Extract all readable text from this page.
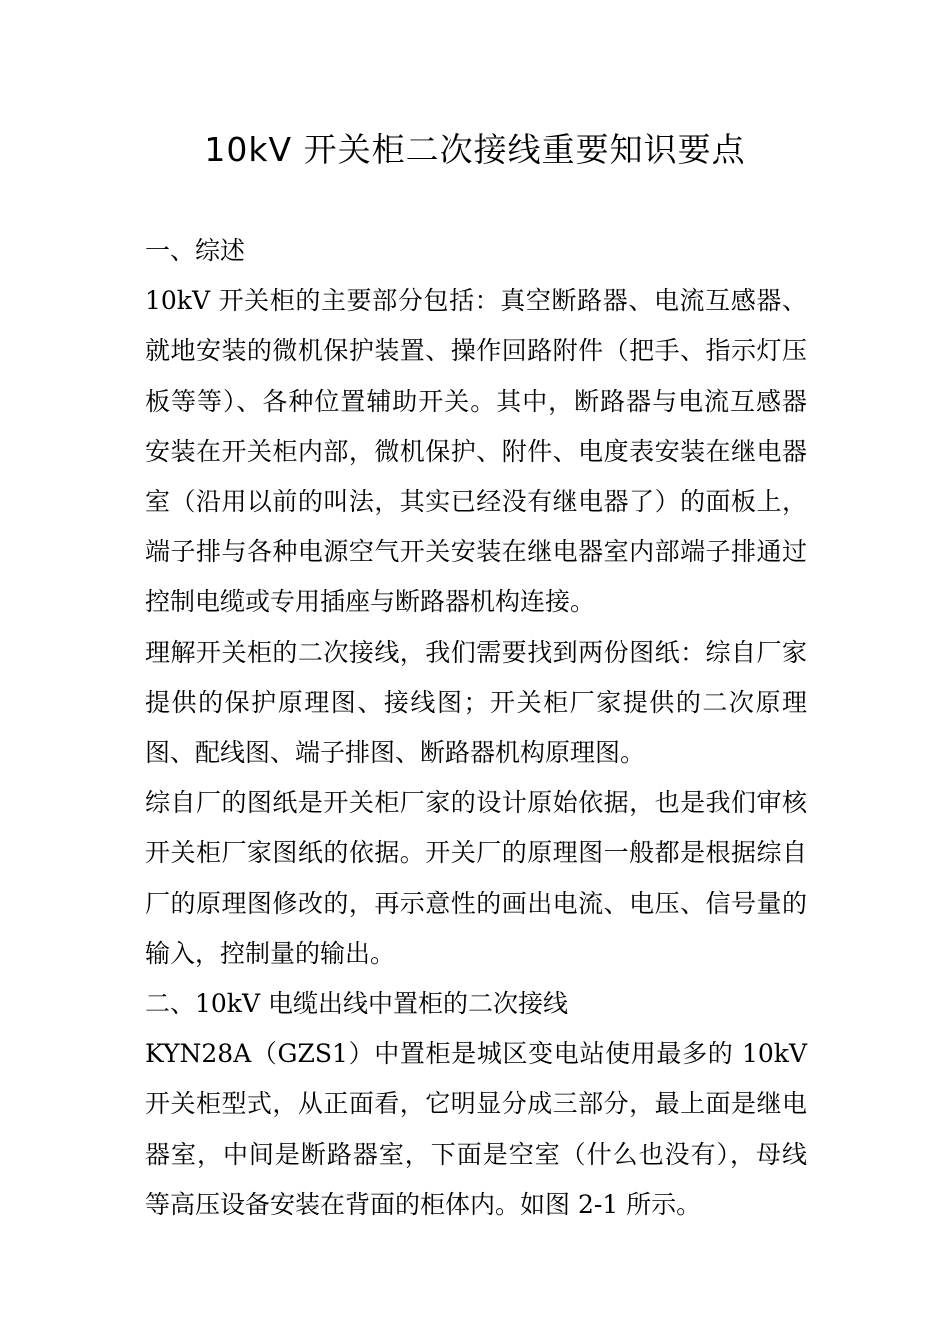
10kV 开关柜二次接线重要知识要点

一、综述

10kV 开关柜的主要部分包括：真空断路器、电流互感器、就地安装的微机保护装置、操作回路附件（把手、指示灯压板等等）、各种位置辅助开关。其中，断路器与电流互感器安装在开关柜内部，微机保护、附件、电度表安装在继电器室（沿用以前的叫法，其实已经没有继电器了）的面板上，端子排与各种电源空气开关安装在继电器室内部端子排通过控制电缆或专用插座与断路器机构连接。

理解开关柜的二次接线，我们需要找到两份图纸：综自厂家提供的保护原理图、接线图；开关柜厂家提供的二次原理图、配线图、端子排图、断路器机构原理图。

综自厂的图纸是开关柜厂家的设计原始依据，也是我们审核开关柜厂家图纸的依据。开关厂的原理图一般都是根据综自厂的原理图修改的，再示意性的画出电流、电压、信号量的输入，控制量的输出。

二、10kV 电缆出线中置柜的二次接线

KYN28A（GZS1）中置柜是城区变电站使用最多的 10kV 开关柜型式，从正面看，它明显分成三部分，最上面是继电器室，中间是断路器室，下面是空室（什么也没有），母线等高压设备安装在背面的柜体内。如图 2-1 所示。
